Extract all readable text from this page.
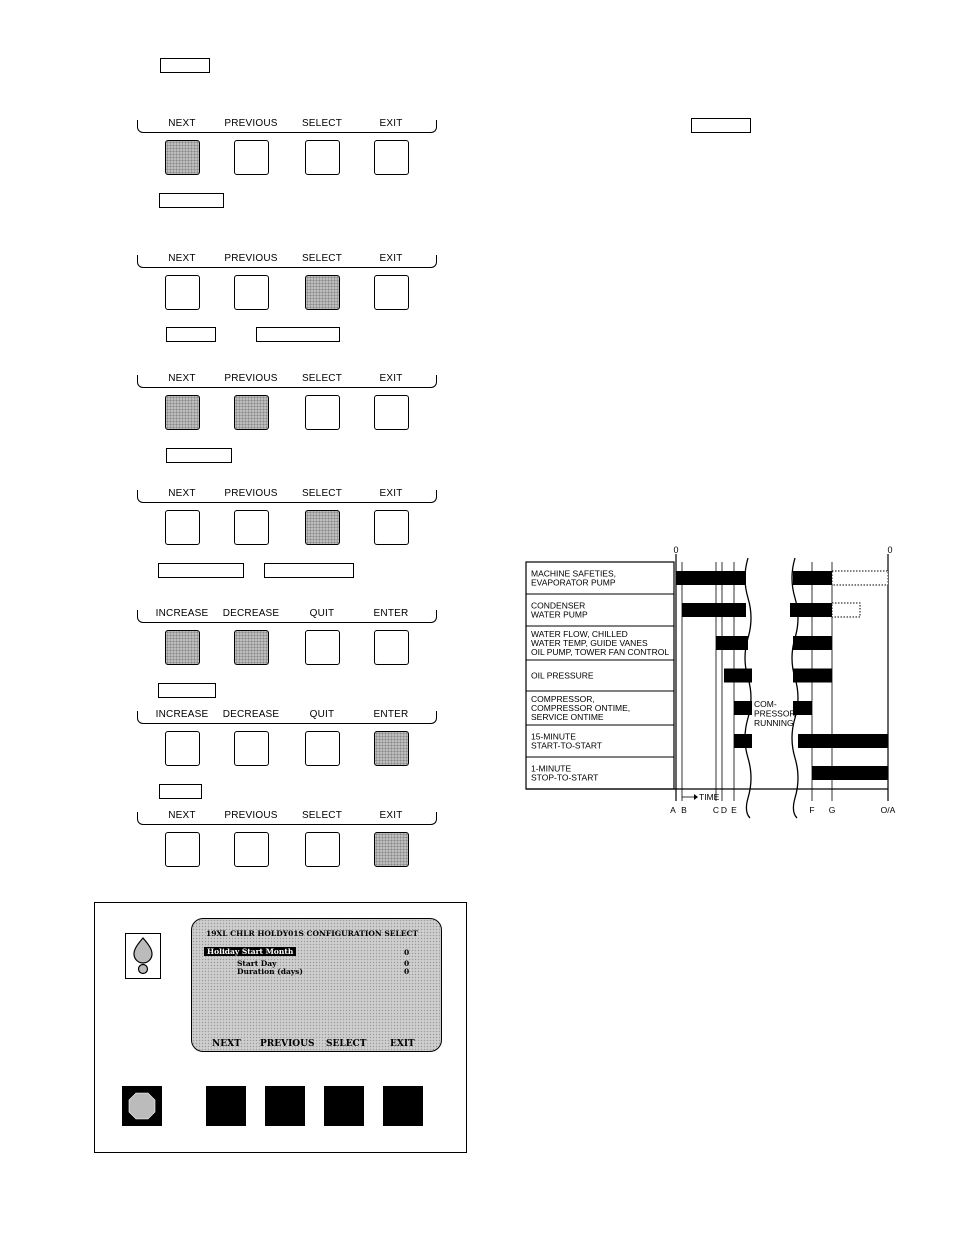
NEXT	PREVIOUS	SELECT	EXIT
NEXT	PREVIOUS	SELECT	EXIT
NEXT	PREVIOUS	SELECT	EXIT
NEXT	PREVIOUS	SELECT	EXIT
INCREASE	DECREASE	QUIT	ENTER
INCREASE	DECREASE	QUIT	ENTER
NEXT	PREVIOUS	SELECT	EXIT
19XL CHLR HOLDY01S CONFIGURATION SELECT
Holiday Start Month	0
Start Day	0
Duration (days)	0
NEXT PREVIOUS SELECT	EXIT
MACHINE SAFETIES,
EVAPORATOR PUMP
CONDENSER
WATER PUMP
WATER FLOW, CHILLED
WATER TEMP, GUIDE VANES
OIL PUMP, TOWER FAN CONTROL
OIL PRESSURE
COMPRESSOR,
COMPRESSOR ONTIME,
SERVICE ONTIME
15-MINUTE
START-TO-START
1-MINUTE
STOP-TO-START
0	0
COM-
PRESSOR
RUNNING
TIME
A B	C D E	F G	O/A
